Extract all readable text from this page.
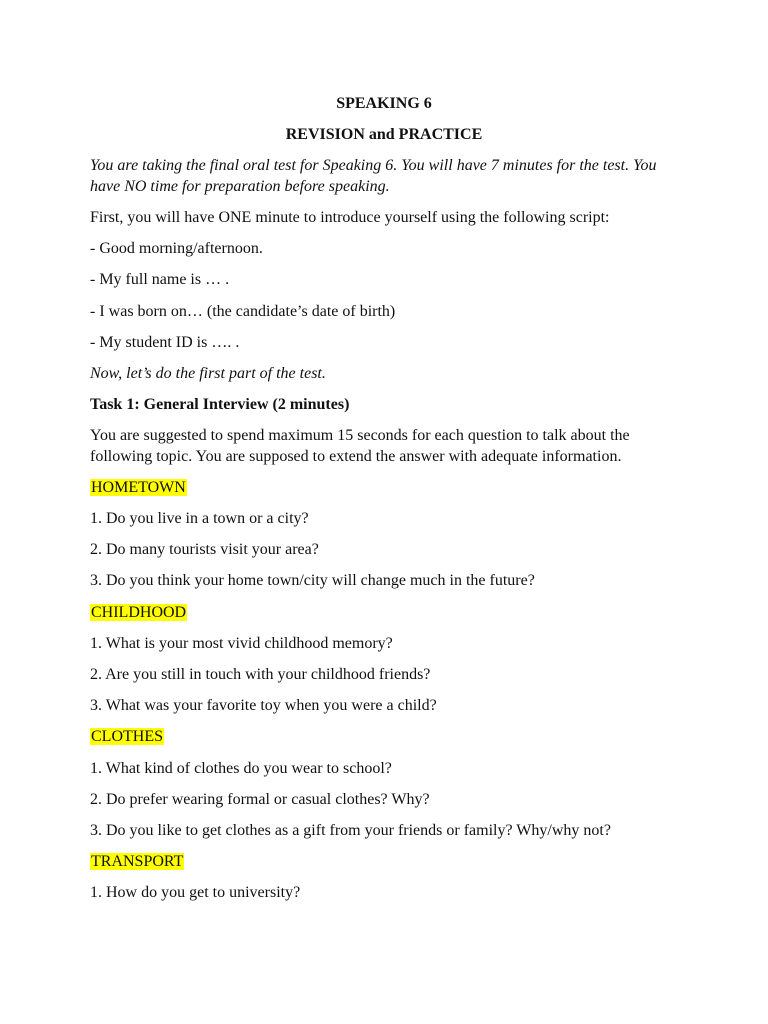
SPEAKING 6
REVISION and PRACTICE
You are taking the final oral test for Speaking 6. You will have 7 minutes for the test. You
have NO time for preparation before speaking.
First, you will have ONE minute to introduce yourself using the following script:
- Good morning/afternoon.
- My full name is … .
- I was born on… (the candidate’s date of birth)
- My student ID is …. .
Now, let’s do the first part of the test.
Task 1: General Interview (2 minutes)
You are suggested to spend maximum 15 seconds for each question to talk about the
following topic. You are supposed to extend the answer with adequate information.
HOMETOWN
1. Do you live in a town or a city?
2. Do many tourists visit your area?
3. Do you think your home town/city will change much in the future?
CHILDHOOD
1. What is your most vivid childhood memory?
2. Are you still in touch with your childhood friends?
3. What was your favorite toy when you were a child?
CLOTHES
1. What kind of clothes do you wear to school?
2. Do prefer wearing formal or casual clothes? Why?
3. Do you like to get clothes as a gift from your friends or family? Why/why not?
TRANSPORT
1. How do you get to university?
